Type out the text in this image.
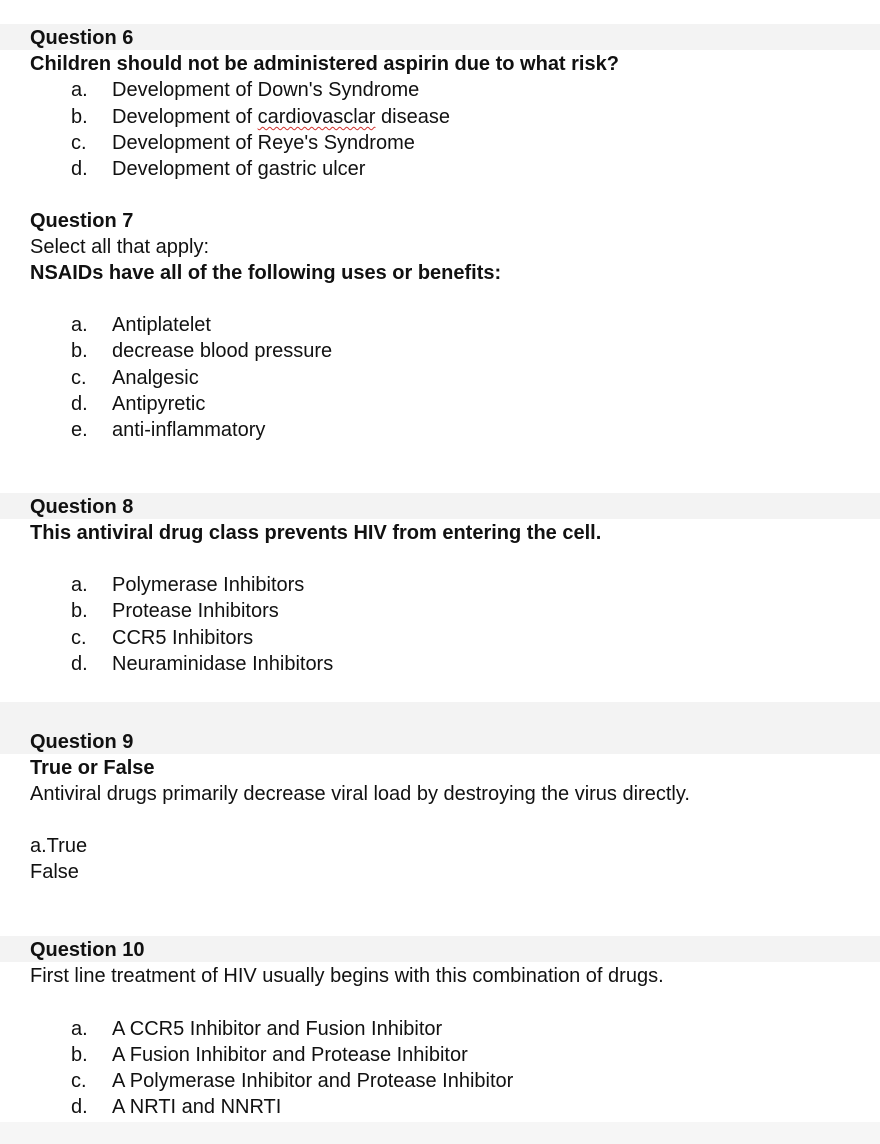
Question 6
Children should not be administered aspirin due to what risk?
a.	Development of Down's Syndrome
b.	Development of cardiovasclar disease
c.	Development of Reye's Syndrome
d.	Development of gastric ulcer
Question 7
Select all that apply:
NSAIDs have all of the following uses or benefits:
a.	Antiplatelet
b.	decrease blood pressure
c.	Analgesic
d.	Antipyretic
e.	anti-inflammatory
Question 8
This antiviral drug class prevents HIV from entering the cell.
a.	Polymerase Inhibitors
b.	Protease Inhibitors
c.	CCR5 Inhibitors
d.	Neuraminidase Inhibitors
Question 9
True or False
Antiviral drugs primarily decrease viral load by destroying the virus directly.
a.True
False
Question 10
First line treatment of HIV usually begins with this combination of drugs.
a.	A CCR5 Inhibitor and Fusion Inhibitor
b.	A Fusion Inhibitor and Protease Inhibitor
c.	A Polymerase Inhibitor and Protease Inhibitor
d.	A NRTI and NNRTI
